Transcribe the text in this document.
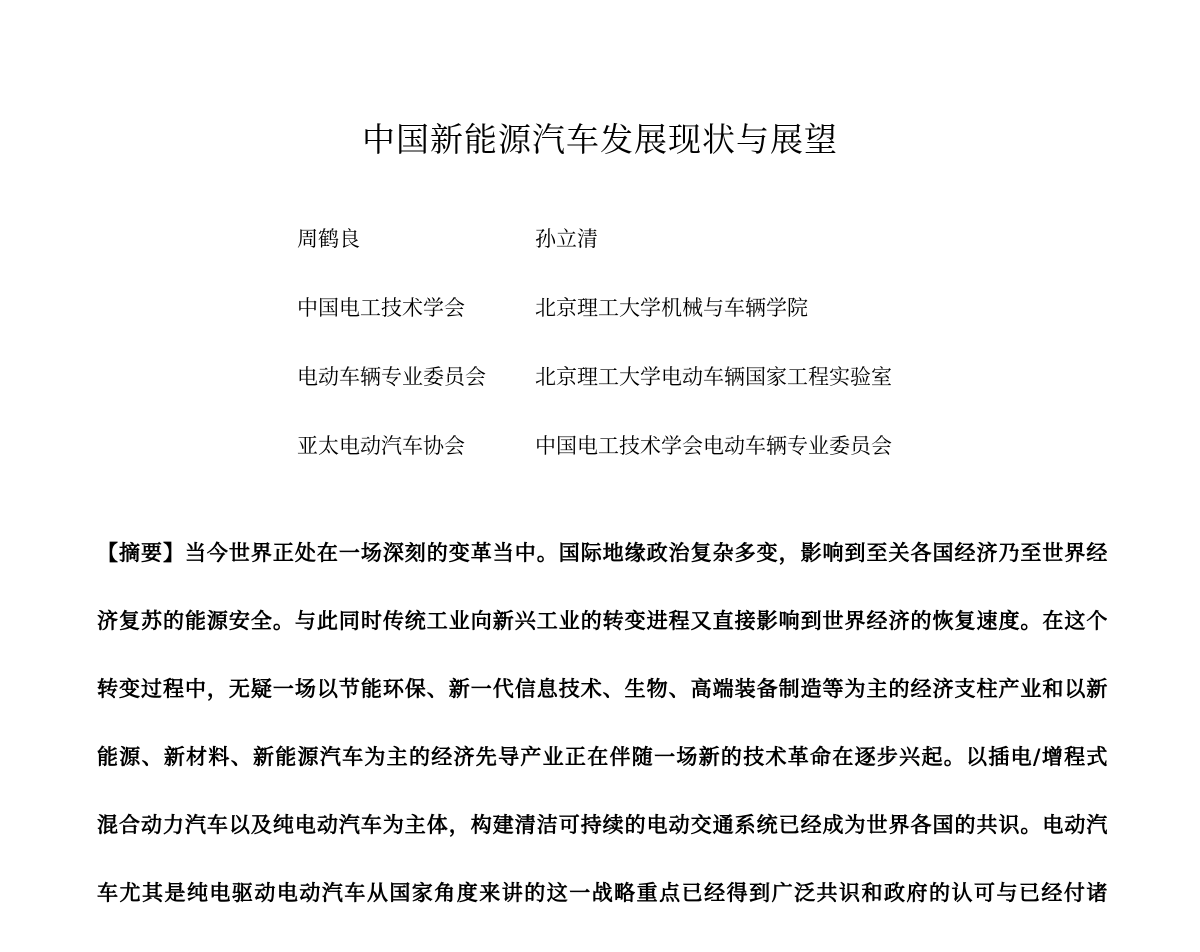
中国新能源汽车发展现状与展望
周鹤良	孙立清
中国电工技术学会	北京理工大学机械与车辆学院
电动车辆专业委员会	北京理工大学电动车辆国家工程实验室
亚太电动汽车协会	中国电工技术学会电动车辆专业委员会
【摘要】当今世界正处在一场深刻的变革当中。国际地缘政治复杂多变，影响到至关各国经济乃至世界经
济复苏的能源安全。与此同时传统工业向新兴工业的转变进程又直接影响到世界经济的恢复速度。在这个
转变过程中，无疑一场以节能环保、新一代信息技术、生物、高端装备制造等为主的经济支柱产业和以新
能源、新材料、新能源汽车为主的经济先导产业正在伴随一场新的技术革命在逐步兴起。以插电/增程式
混合动力汽车以及纯电动汽车为主体，构建清洁可持续的电动交通系统已经成为世界各国的共识。电动汽
车尤其是纯电驱动电动汽车从国家角度来讲的这一战略重点已经得到广泛共识和政府的认可与已经付诸
